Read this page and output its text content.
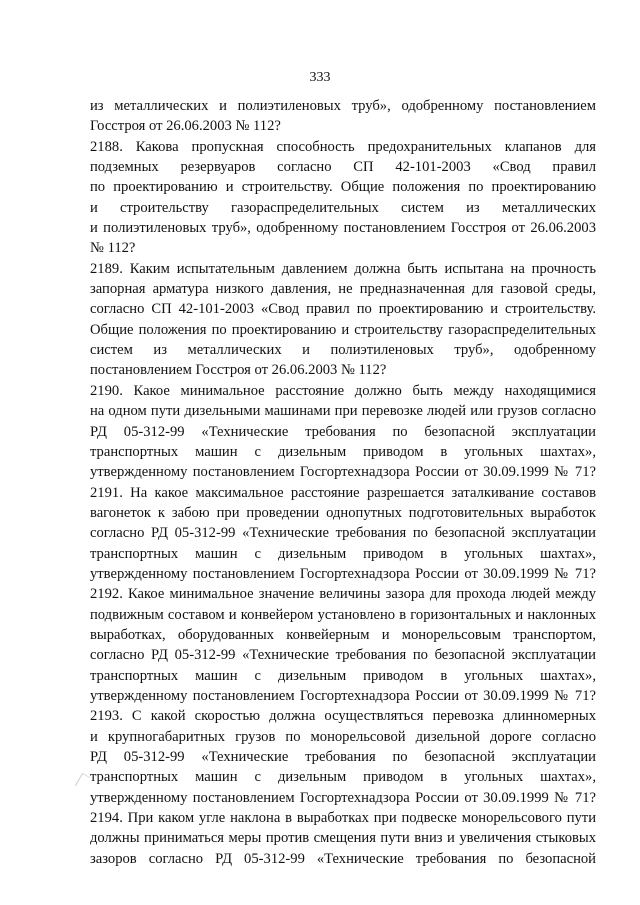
333
из металлических и полиэтиленовых труб», одобренному постановлением
Госстроя от 26.06.2003 № 112?
2188. Какова пропускная способность предохранительных клапанов для
подземных резервуаров согласно СП 42-101-2003 «Свод правил
по проектированию и строительству. Общие положения по проектированию
и строительству газораспределительных систем из металлических
и полиэтиленовых труб», одобренному постановлением Госстроя от 26.06.2003
№ 112?
2189. Каким испытательным давлением должна быть испытана на прочность
запорная арматура низкого давления, не предназначенная для газовой среды,
согласно СП 42-101-2003 «Свод правил по проектированию и строительству.
Общие положения по проектированию и строительству газораспределительных
систем из металлических и полиэтиленовых труб», одобренному
постановлением Госстроя от 26.06.2003 № 112?
2190. Какое минимальное расстояние должно быть между находящимися
на одном пути дизельными машинами при перевозке людей или грузов согласно
РД 05-312-99 «Технические требования по безопасной эксплуатации
транспортных машин с дизельным приводом в угольных шахтах»,
утвержденному постановлением Госгортехнадзора России от 30.09.1999 № 71?
2191. На какое максимальное расстояние разрешается заталкивание составов
вагонеток к забою при проведении однопутных подготовительных выработок
согласно РД 05-312-99 «Технические требования по безопасной эксплуатации
транспортных машин с дизельным приводом в угольных шахтах»,
утвержденному постановлением Госгортехнадзора России от 30.09.1999 № 71?
2192. Какое минимальное значение величины зазора для прохода людей между
подвижным составом и конвейером установлено в горизонтальных и наклонных
выработках, оборудованных конвейерным и монорельсовым транспортом,
согласно РД 05-312-99 «Технические требования по безопасной эксплуатации
транспортных машин с дизельным приводом в угольных шахтах»,
утвержденному постановлением Госгортехнадзора России от 30.09.1999 № 71?
2193. С какой скоростью должна осуществляться перевозка длинномерных
и крупногабаритных грузов по монорельсовой дизельной дороге согласно
РД 05-312-99 «Технические требования по безопасной эксплуатации
транспортных машин с дизельным приводом в угольных шахтах»,
утвержденному постановлением Госгортехнадзора России от 30.09.1999 № 71?
2194. При каком угле наклона в выработках при подвеске монорельсового пути
должны приниматься меры против смещения пути вниз и увеличения стыковых
зазоров согласно РД 05-312-99 «Технические требования по безопасной
